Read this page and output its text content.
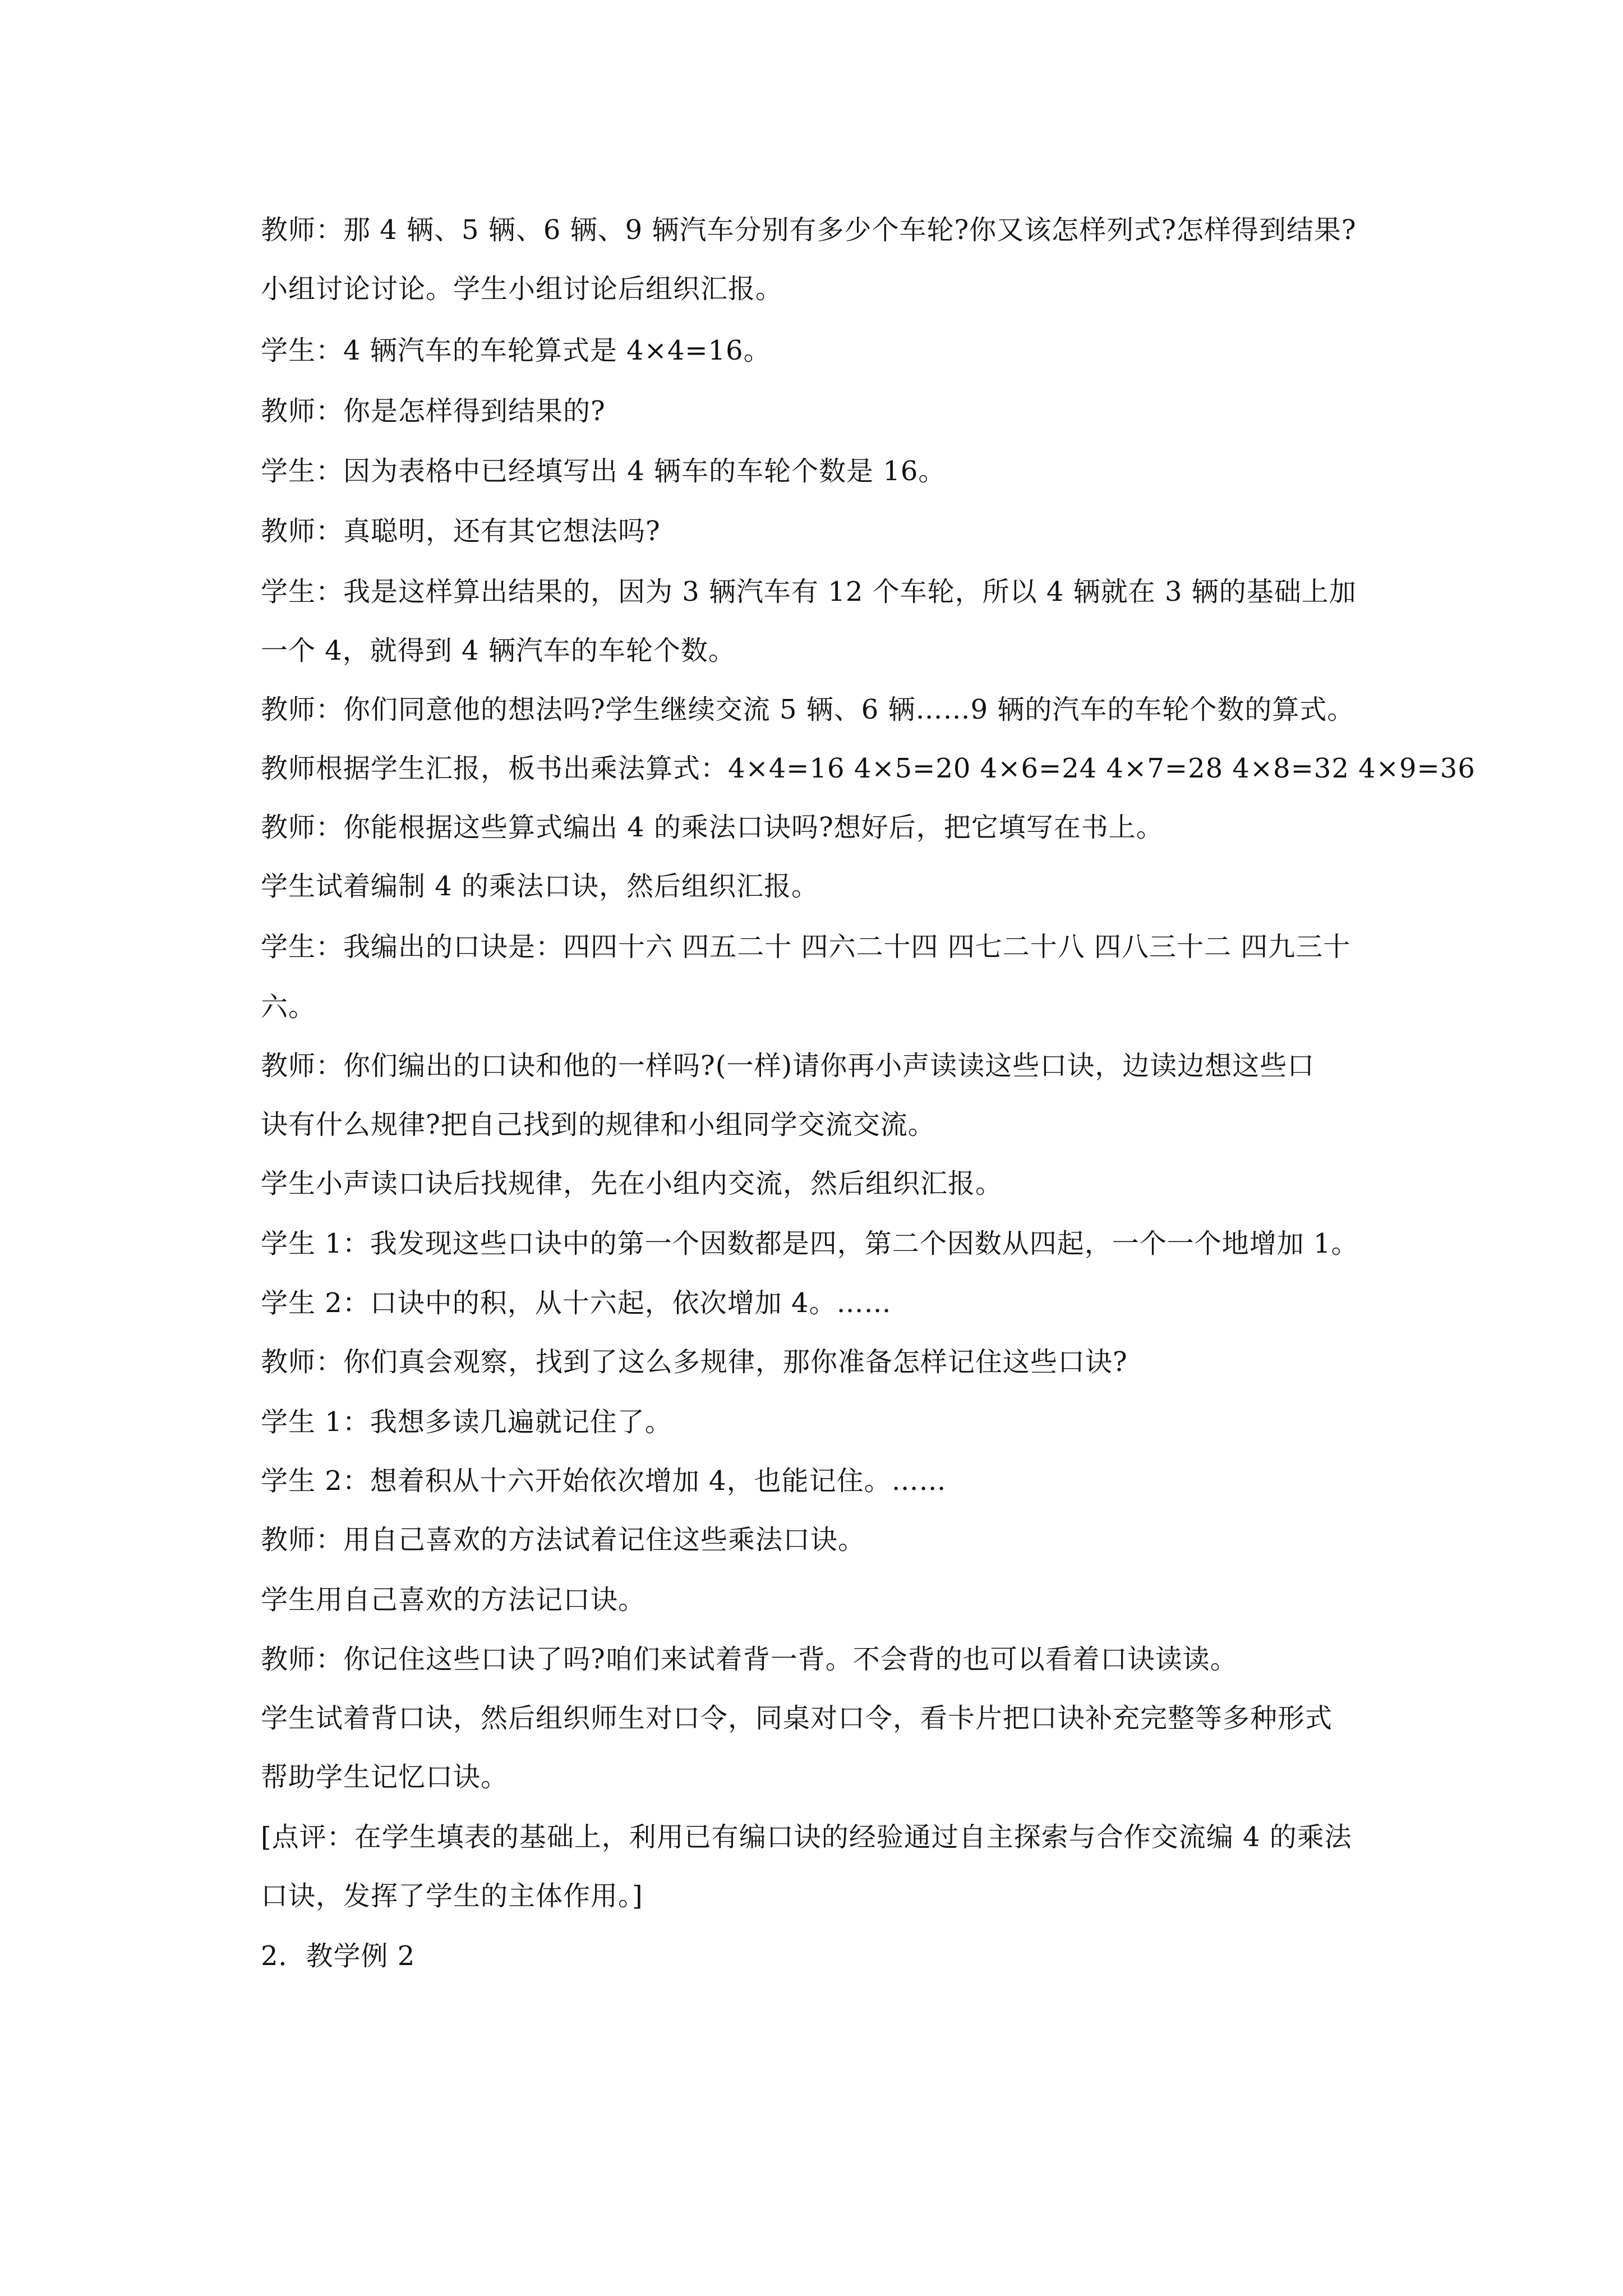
教师：那 4 辆、5 辆、6 辆、9 辆汽车分别有多少个车轮?你又该怎样列式?怎样得到结果?
小组讨论讨论。学生小组讨论后组织汇报。
学生：4 辆汽车的车轮算式是 4×4=16。
教师：你是怎样得到结果的?
学生：因为表格中已经填写出 4 辆车的车轮个数是 16。
教师：真聪明，还有其它想法吗?
学生：我是这样算出结果的，因为 3 辆汽车有 12 个车轮，所以 4 辆就在 3 辆的基础上加
一个 4，就得到 4 辆汽车的车轮个数。
教师：你们同意他的想法吗?学生继续交流 5 辆、6 辆……9 辆的汽车的车轮个数的算式。
教师根据学生汇报，板书出乘法算式：4×4=16 4×5=20 4×6=24 4×7=28 4×8=32 4×9=36
教师：你能根据这些算式编出 4 的乘法口诀吗?想好后，把它填写在书上。
学生试着编制 4 的乘法口诀，然后组织汇报。
学生：我编出的口诀是：四四十六 四五二十 四六二十四 四七二十八 四八三十二 四九三十
六。
教师：你们编出的口诀和他的一样吗?(一样)请你再小声读读这些口诀，边读边想这些口
诀有什么规律?把自己找到的规律和小组同学交流交流。
学生小声读口诀后找规律，先在小组内交流，然后组织汇报。
学生 1：我发现这些口诀中的第一个因数都是四，第二个因数从四起，一个一个地增加 1。
学生 2：口诀中的积，从十六起，依次增加 4。……
教师：你们真会观察，找到了这么多规律，那你准备怎样记住这些口诀?
学生 1：我想多读几遍就记住了。
学生 2：想着积从十六开始依次增加 4，也能记住。……
教师：用自己喜欢的方法试着记住这些乘法口诀。
学生用自己喜欢的方法记口诀。
教师：你记住这些口诀了吗?咱们来试着背一背。不会背的也可以看着口诀读读。
学生试着背口诀，然后组织师生对口令，同桌对口令，看卡片把口诀补充完整等多种形式
帮助学生记忆口诀。
[点评：在学生填表的基础上，利用已有编口诀的经验通过自主探索与合作交流编 4 的乘法
口诀，发挥了学生的主体作用。]
2．教学例 2
